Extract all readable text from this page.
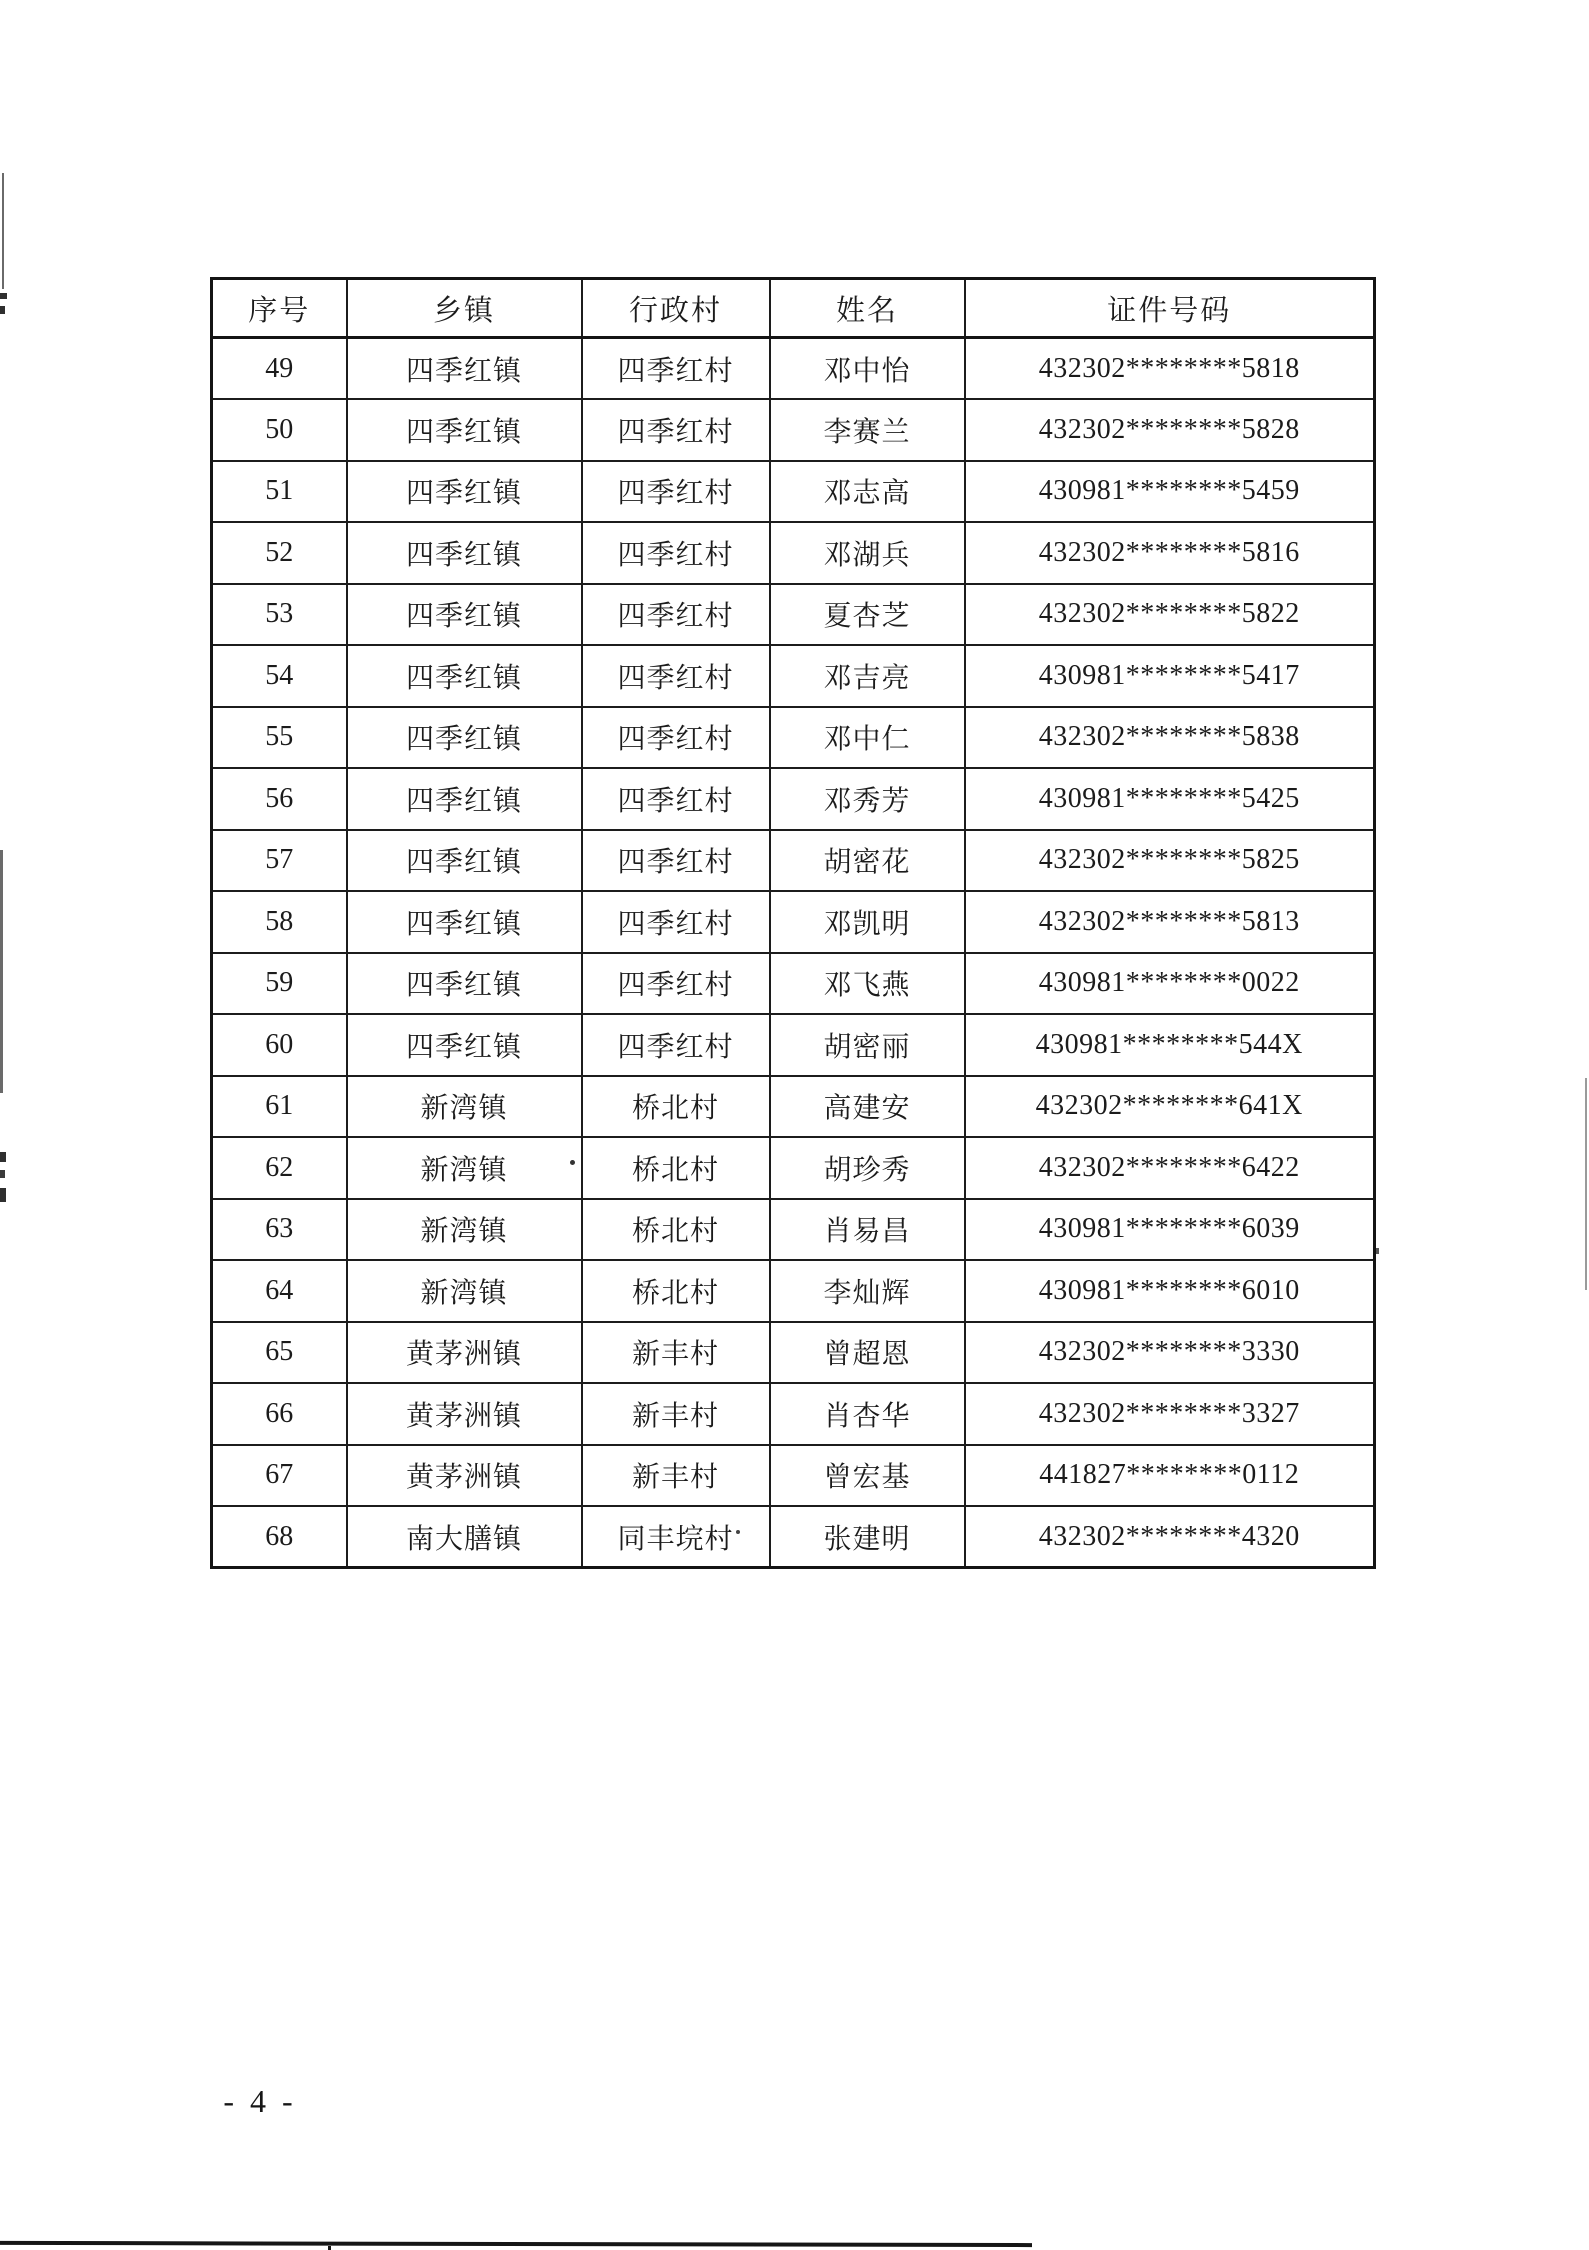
序号	乡镇	行政村	姓名	证件号码
49	四季红镇	四季红村	邓中怡	432302********5818
50	四季红镇	四季红村	李赛兰	432302********5828
51	四季红镇	四季红村	邓志高	430981********5459
52	四季红镇	四季红村	邓湖兵	432302********5816
53	四季红镇	四季红村	夏杏芝	432302********5822
54	四季红镇	四季红村	邓吉亮	430981********5417
55	四季红镇	四季红村	邓中仁	432302********5838
56	四季红镇	四季红村	邓秀芳	430981********5425
57	四季红镇	四季红村	胡密花	432302********5825
58	四季红镇	四季红村	邓凯明	432302********5813
59	四季红镇	四季红村	邓飞燕	430981********0022
60	四季红镇	四季红村	胡密丽	430981********544X
61	新湾镇	桥北村	高建安	432302********641X
62	新湾镇	桥北村	胡珍秀	432302********6422
63	新湾镇	桥北村	肖易昌	430981********6039
64	新湾镇	桥北村	李灿辉	430981********6010
65	黄茅洲镇	新丰村	曾超恩	432302********3330
66	黄茅洲镇	新丰村	肖杏华	432302********3327
67	黄茅洲镇	新丰村	曾宏基	441827********0112
68	南大膳镇	同丰垸村	张建明	432302********4320
- 4 -
